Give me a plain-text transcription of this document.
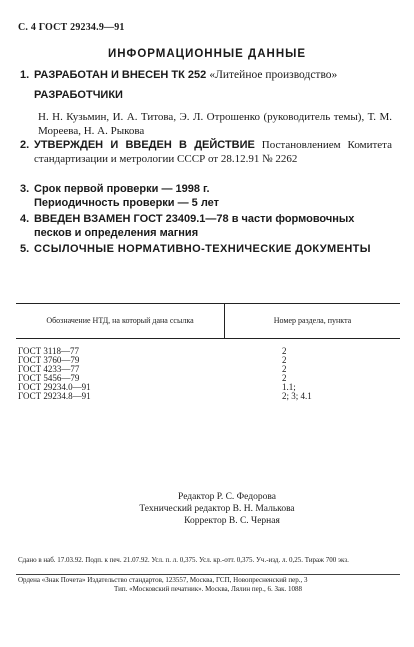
С. 4 ГОСТ 29234.9—91
ИНФОРМАЦИОННЫЕ ДАННЫЕ
1. РАЗРАБОТАН И ВНЕСЕН ТК 252 «Литейное производство»
РАЗРАБОТЧИКИ
Н. Н. Кузьмин, И. А. Титова, Э. Л. Отрошенко (руководитель темы), Т. М. Мореева, Н. А. Рыкова
2. УТВЕРЖДЕН И ВВЕДЕН В ДЕЙСТВИЕ Постановлением Комитета стандартизации и метрологии СССР от 28.12.91 № 2262
3. Срок первой проверки — 1998 г.
Периодичность проверки — 5 лет
4. ВВЕДЕН ВЗАМЕН ГОСТ 23409.1—78 в части формовочных песков и определения магния
5. ССЫЛОЧНЫЕ НОРМАТИВНО-ТЕХНИЧЕСКИЕ ДОКУМЕНТЫ
Обозначение НТД, на который дана ссылка	Номер раздела, пункта
ГОСТ 3118—77	2
ГОСТ 3760—79	2
ГОСТ 4233—77	2
ГОСТ 5456—79	2
ГОСТ 29234.0—91	1.1;
ГОСТ 29234.8—91	2; 3; 4.1
Редактор Р. С. Федорова
Технический редактор В. Н. Малькова
Корректор В. С. Черная
Сдано в наб. 17.03.92. Подп. к печ. 21.07.92. Усл. п. л. 0,375. Усл. кр.-отт. 0,375. Уч.-изд. л. 0,25. Тираж 700 экз.
Ордена «Знак Почета» Издательство стандартов, 123557, Москва, ГСП, Новопресненский пер., 3
Тип. «Московский печатник». Москва, Лялин пер., 6. Зак. 1088
